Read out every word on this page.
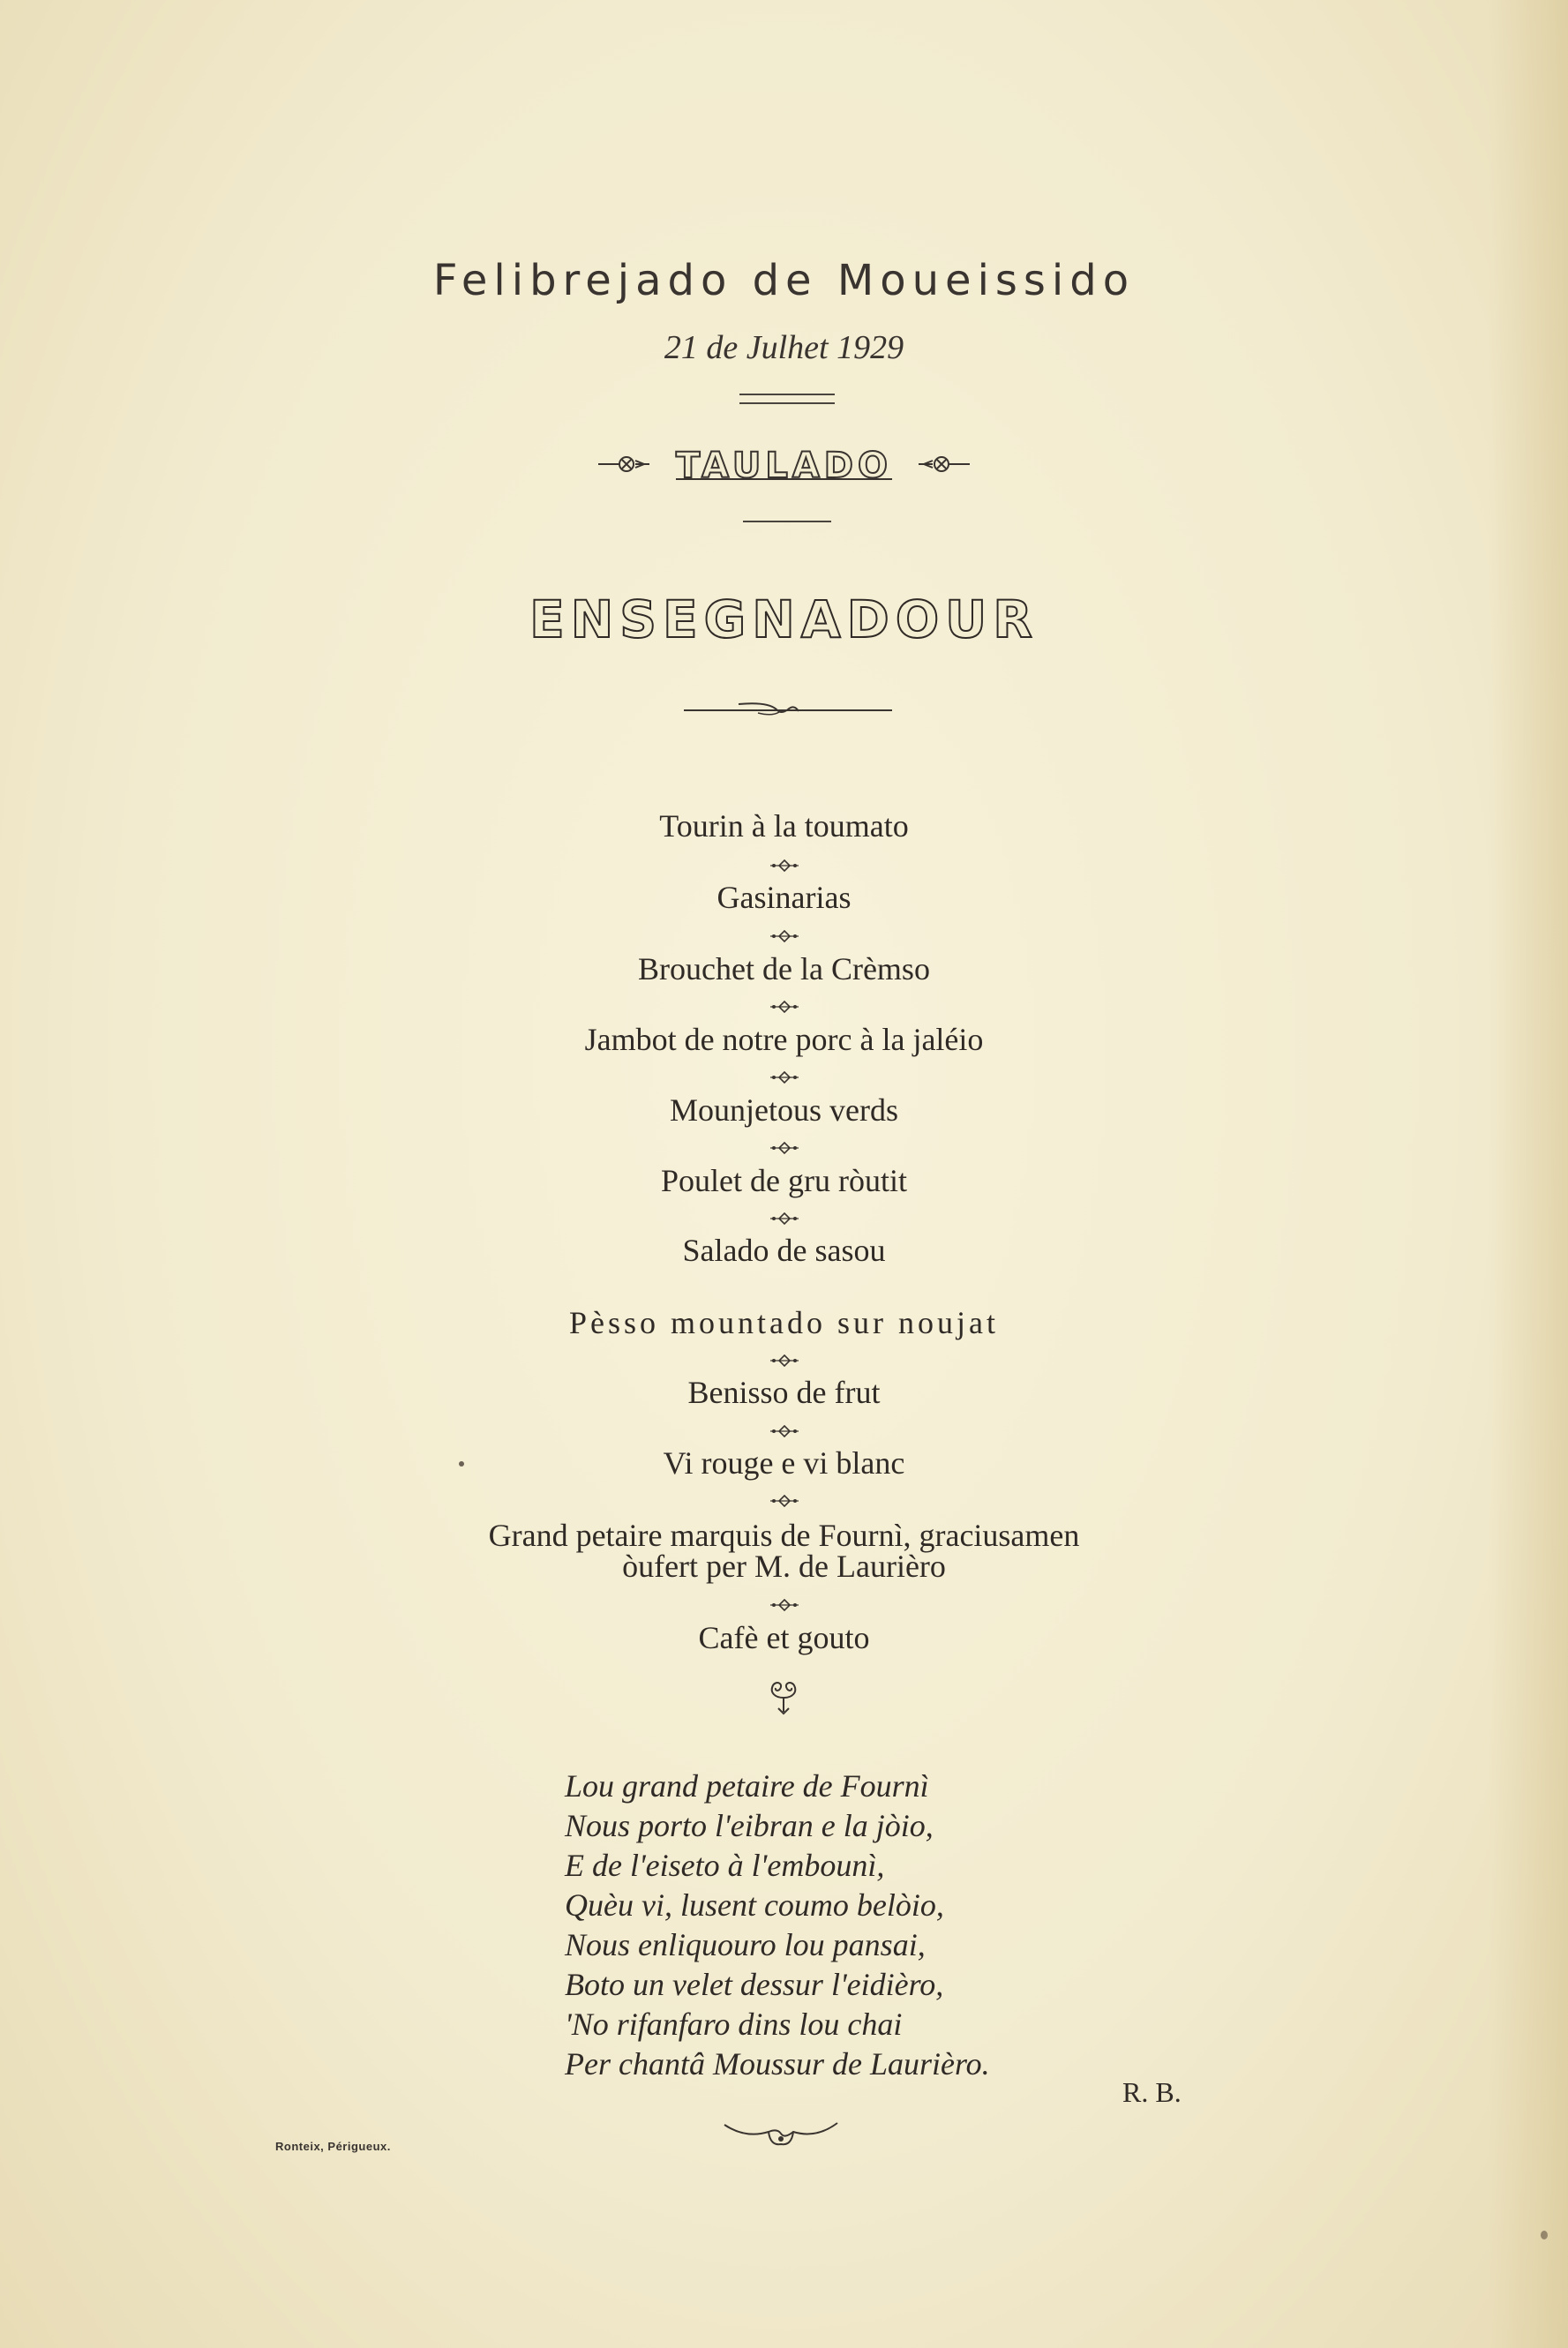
Felibrejado de Moueissido
21 de Julhet 1929
TAULADO
ENSEGNADOUR
Tourin à la toumato
Gasinarias
Brouchet de la Crèmso
Jambot de notre porc à la jaléio
Mounjetous verds
Poulet de gru ròutit
Salado de sasou
Pèsso mountado sur noujat
Benisso de frut
Vi rouge e vi blanc
Grand petaire marquis de Fournì, graciusamen
òufert per M. de Laurièro
Cafè et gouto
Lou grand petaire de Fournì
Nous porto l'eibran e la jòio,
E de l'eiseto à l'embounì,
Quèu vi, lusent coumo belòio,
Nous enliquouro lou pansai,
Boto un velet dessur l'eidièro,
'No rifanfaro dins lou chai
Per chantâ Moussur de Laurièro.
R. B.
Ronteix, Périgueux.
